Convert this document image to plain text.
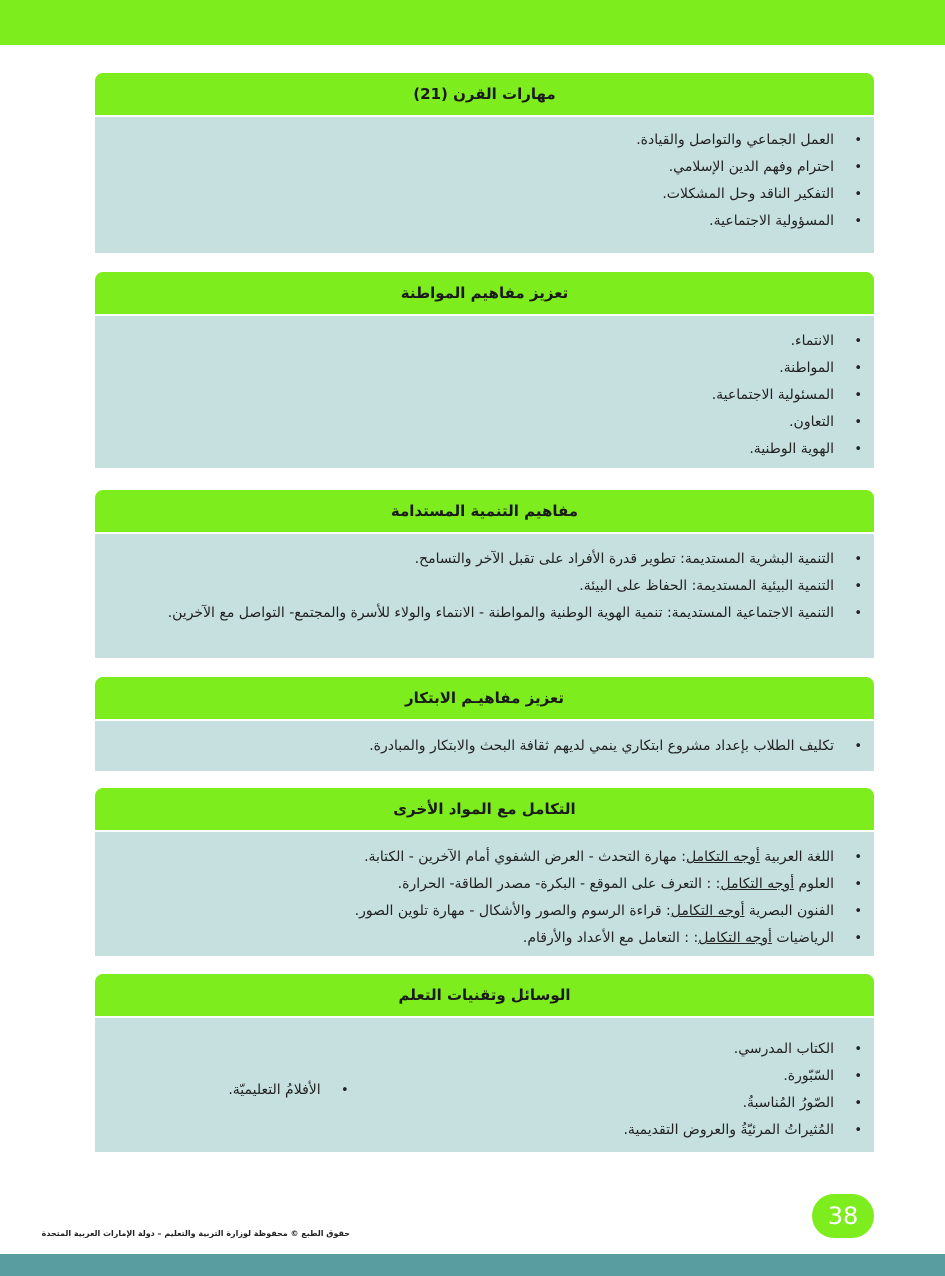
مهارات القرن (21)
• العمل الجماعي والتواصل والقيادة.
• احترام وفهم الدين الإسلامي.
• التفكير الناقد وحل المشكلات.
• المسؤولية الاجتماعية.
تعزيز مفاهيم المواطنة
• الانتماء.
• المواطنة.
• المسئولية الاجتماعية.
• التعاون.
• الهوية الوطنية.
مفاهيم التنمية المستدامة
• التنمية البشرية المستديمة: تطوير قدرة الأفراد على تقبل الآخر والتسامح.
• التنمية البيئية المستديمة: الحفاظ على البيئة.
• التنمية الاجتماعية المستديمة: تنمية الهوية الوطنية والمواطنة - الانتماء والولاء للأسرة والمجتمع- التواصل مع الآخرين.
تعزيز مفاهيـم الابتكار
• تكليف الطلاب بإعداد مشروع ابتكاري ينمي لديهم ثقافة البحث والابتكار والمبادرة.
التكامل مع المواد الأخرى
• اللغة العربية أوجه التكامل: مهارة التحدث - العرض الشفوي أمام الآخرين - الكتابة.
• العلوم أوجه التكامل: : التعرف على الموقع - البكرة- مصدر الطاقة- الحرارة.
• الفنون البصرية أوجه التكامل: قراءة الرسوم والصور والأشكال - مهارة تلوين الصور.
• الرياضيات أوجه التكامل: : التعامل مع الأعداد والأرقام.
الوسائل وتقنيات التعلم
• الكتاب المدرسي.
• السّبّورة.
• الصّورُ المُناسبةُ.
• المُثيراتُ المرئيّةُ والعروض التقديمية.
• الأفلامُ التعليميّة.
38
حقوق الطبع © محفوظة لوزارة التربية والتعليم – دولة الإمارات العربية المتحدة
